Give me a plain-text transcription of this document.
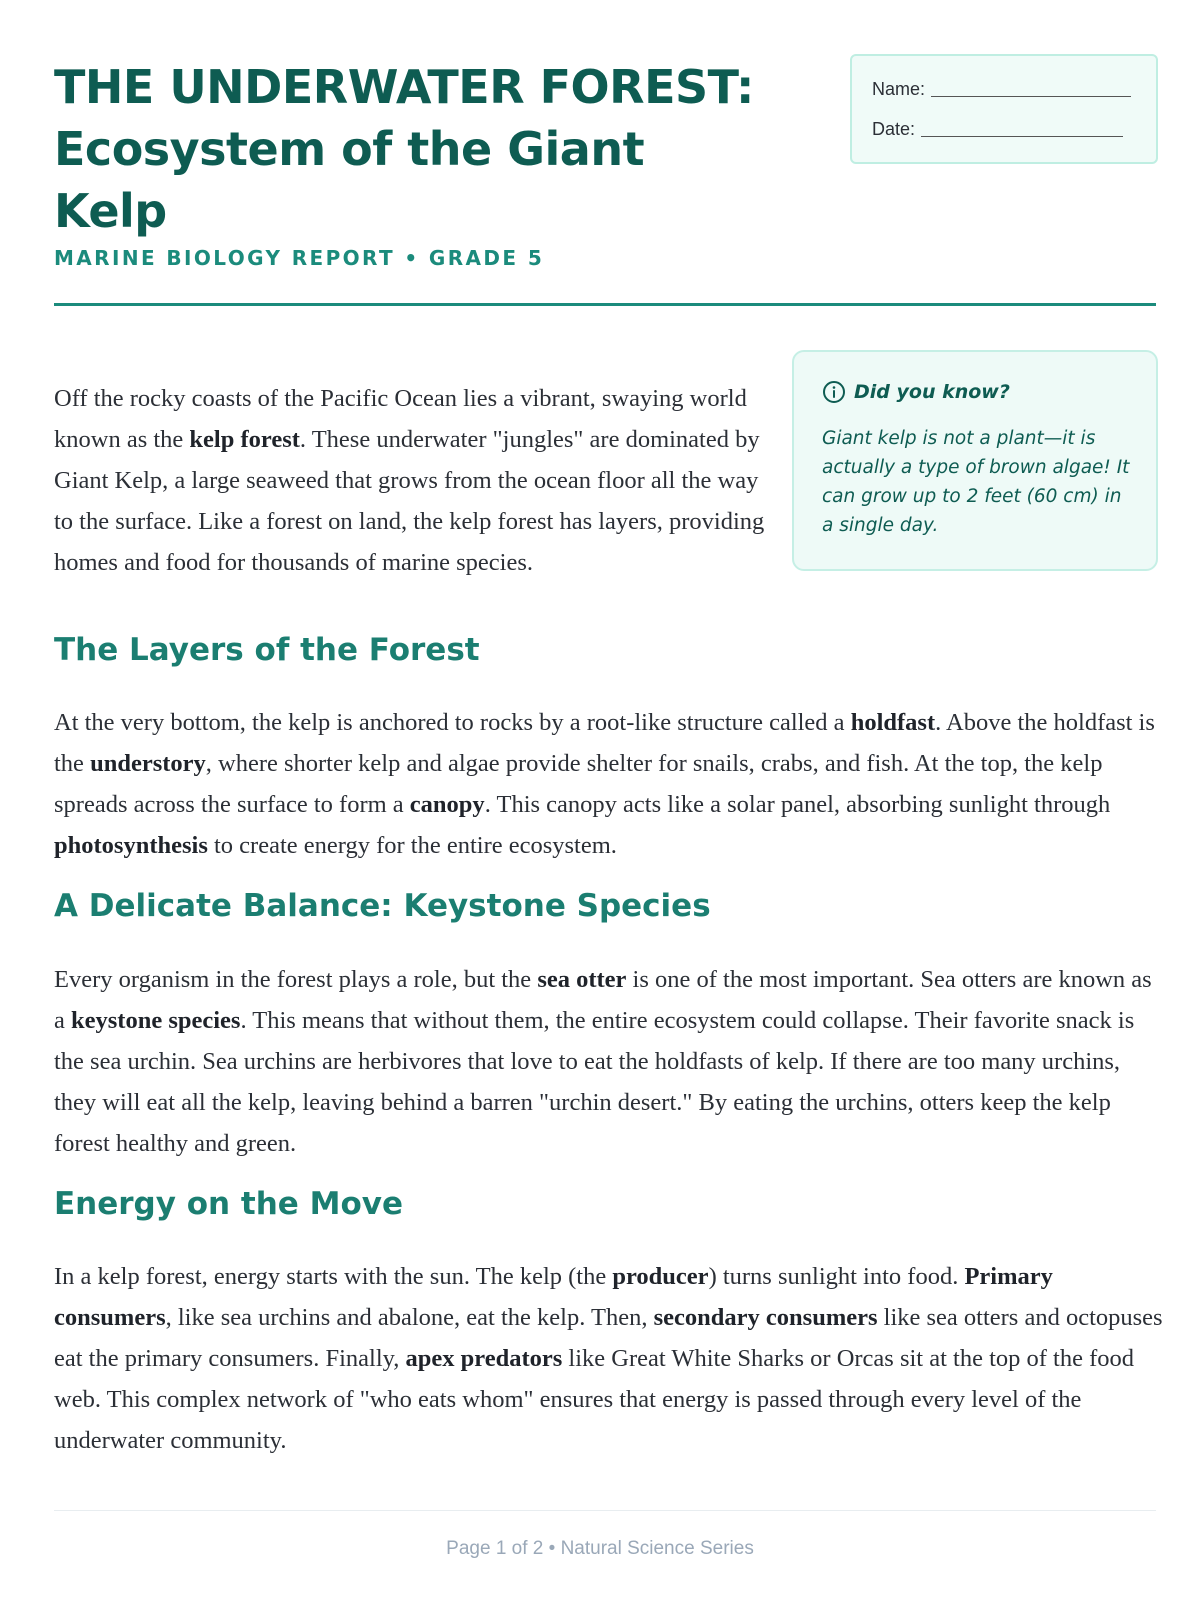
THE UNDERWATER FOREST:
Ecosystem of the Giant
Kelp

MARINE BIOLOGY REPORT • GRADE 5

Name:
Date:
Did you know?

Giant kelp is not a plant—it is actually a type of brown algae! It can grow up to 2 feet (60 cm) in a single day.

Off the rocky coasts of the Pacific Ocean lies a vibrant, swaying world known as the kelp forest. These underwater "jungles" are dominated by Giant Kelp, a large seaweed that grows from the ocean floor all the way to the surface. Like a forest on land, the kelp forest has layers, providing homes and food for thousands of marine species.

The Layers of the Forest

At the very bottom, the kelp is anchored to rocks by a root-like structure called a holdfast. Above the holdfast is the understory, where shorter kelp and algae provide shelter for snails, crabs, and fish. At the top, the kelp spreads across the surface to form a canopy. This canopy acts like a solar panel, absorbing sunlight through photosynthesis to create energy for the entire ecosystem.

A Delicate Balance: Keystone Species

Every organism in the forest plays a role, but the sea otter is one of the most important. Sea otters are known as a keystone species. This means that without them, the entire ecosystem could collapse. Their favorite snack is the sea urchin. Sea urchins are herbivores that love to eat the holdfasts of kelp. If there are too many urchins, they will eat all the kelp, leaving behind a barren "urchin desert." By eating the urchins, otters keep the kelp forest healthy and green.

Energy on the Move

In a kelp forest, energy starts with the sun. The kelp (the producer) turns sunlight into food. Primary consumers, like sea urchins and abalone, eat the kelp. Then, secondary consumers like sea otters and octopuses eat the primary consumers. Finally, apex predators like Great White Sharks or Orcas sit at the top of the food web. This complex network of "who eats whom" ensures that energy is passed through every level of the underwater community.

Page 1 of 2 • Natural Science Series
